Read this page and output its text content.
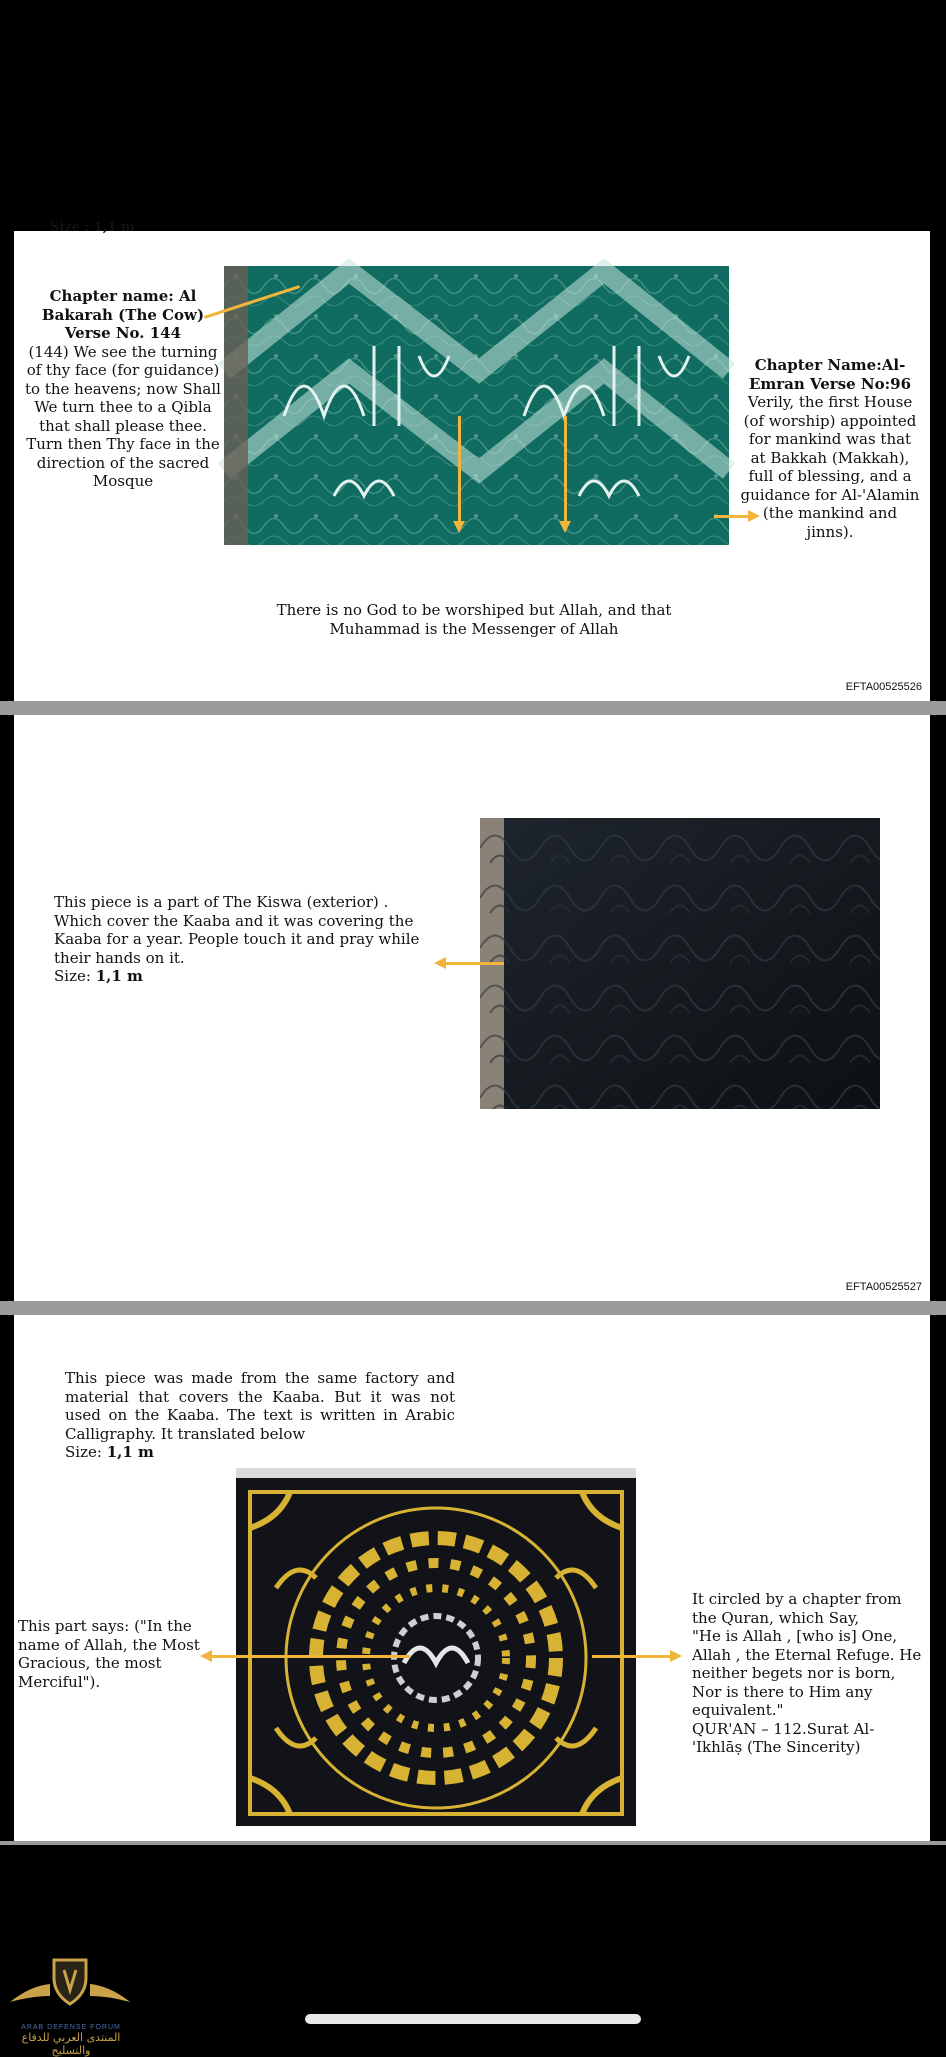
Size : 1,1 m
Chapter name: Al Bakarah (The Cow) Verse No. 144
(144) We see the turning of thy face (for guidance) to the heavens; now Shall We turn thee to a Qibla that shall please thee. Turn then Thy face in the direction of the sacred Mosque
Chapter Name:Al-Emran Verse No:96
Verily, the first House (of worship) appointed for mankind was that at Bakkah (Makkah), full of blessing, and a guidance for Al-'Alamin (the mankind and jinns).
There is no God to be worshiped but Allah, and that Muhammad is the Messenger of Allah
EFTA00525526
This piece is a part of The Kiswa (exterior) . Which cover the Kaaba and it was covering the Kaaba for a year. People touch it and pray while their hands on it.
Size: 1,1 m
EFTA00525527
This piece was made from the same factory and material that covers the Kaaba. But it was not used on the Kaaba. The text is written in Arabic Calligraphy. It translated below
Size: 1,1 m
This part says: ("In the name of Allah, the Most Gracious, the most Merciful").
It circled by a chapter from the Quran, which Say,
"He is Allah , [who is] One, Allah , the Eternal Refuge. He neither begets nor is born, Nor is there to Him any equivalent."
QUR'AN – 112.Surat Al-'Ikhlāṣ (The Sincerity)
ARAB DEFENSE FORUM
المنتدى العربي للدفاع والتسليح
